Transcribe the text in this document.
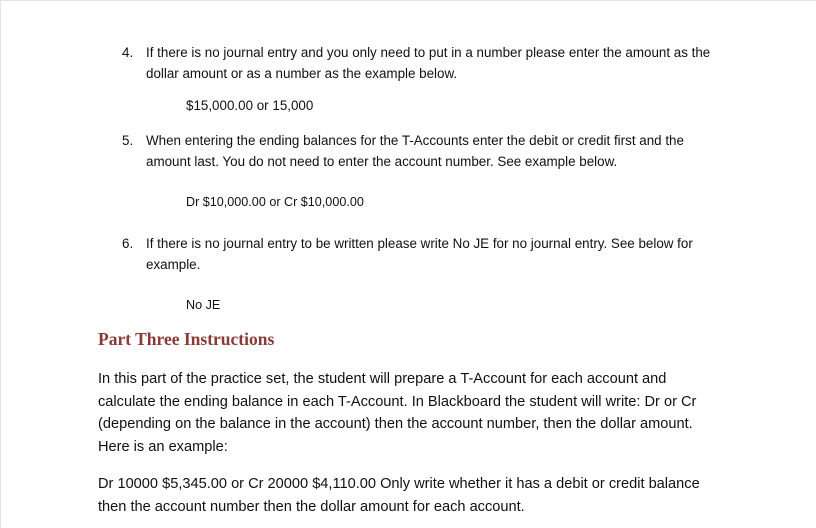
4. If there is no journal entry and you only need to put in a number please enter the amount as the
dollar amount or as a number as the example below.
$15,000.00 or 15,000
5. When entering the ending balances for the T-Accounts enter the debit or credit first and the
amount last. You do not need to enter the account number. See example below.
Dr $10,000.00 or Cr $10,000.00
6. If there is no journal entry to be written please write No JE for no journal entry. See below for
example.
No JE
Part Three Instructions
In this part of the practice set, the student will prepare a T-Account for each account and
calculate the ending balance in each T-Account. In Blackboard the student will write: Dr or Cr
(depending on the balance in the account) then the account number, then the dollar amount.
Here is an example:
Dr 10000 $5,345.00 or Cr 20000 $4,110.00 Only write whether it has a debit or credit balance
then the account number then the dollar amount for each account.
